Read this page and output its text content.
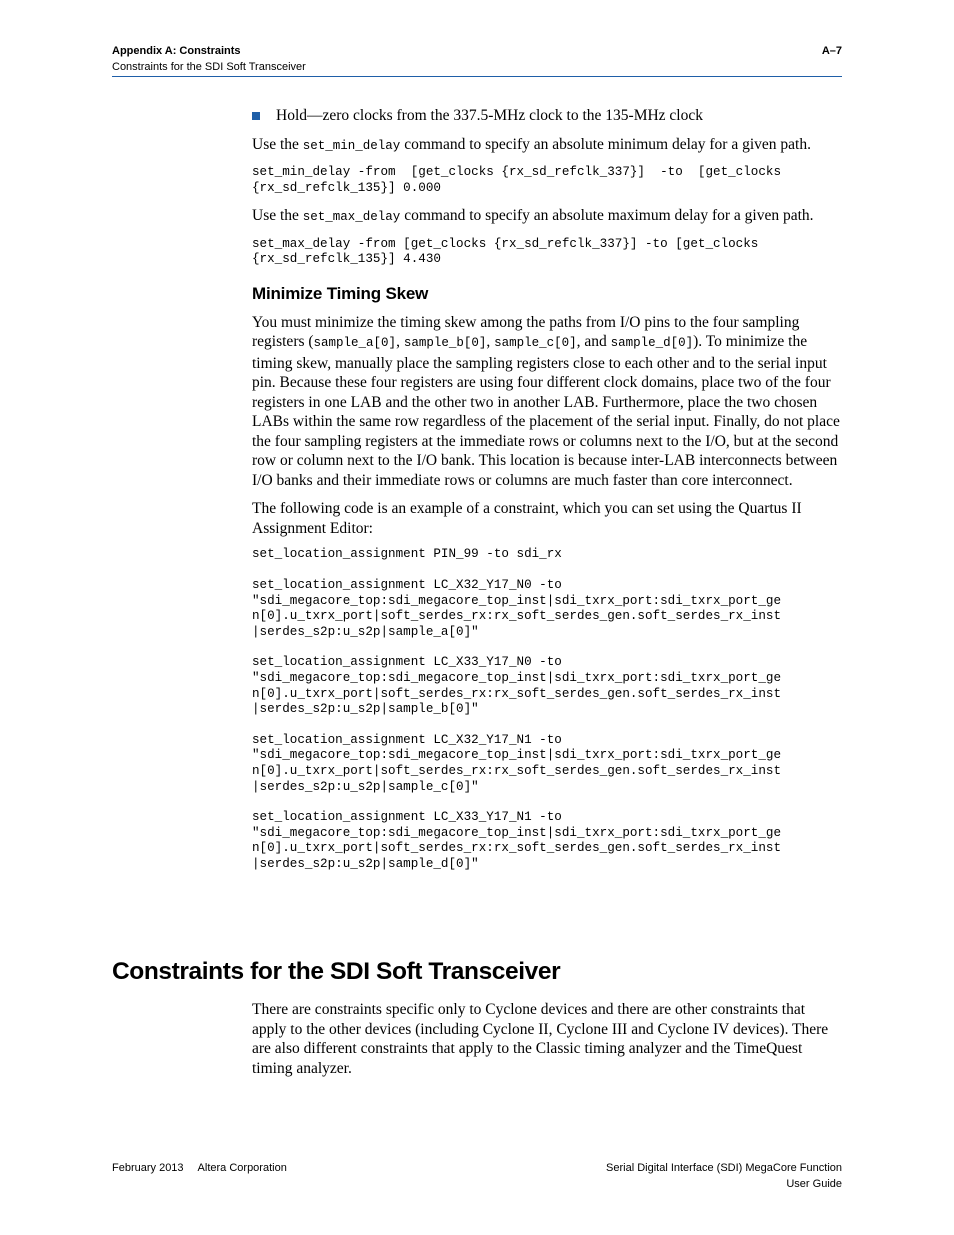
Appendix A: Constraints
Constraints for the SDI Soft Transceiver
A–7
Hold—zero clocks from the 337.5-MHz clock to the 135-MHz clock

Use the set_min_delay command to specify an absolute minimum delay for a given path.

set_min_delay -from  [get_clocks {rx_sd_refclk_337}]  -to  [get_clocks
{rx_sd_refclk_135}] 0.000

Use the set_max_delay command to specify an absolute maximum delay for a given path.

set_max_delay -from [get_clocks {rx_sd_refclk_337}] -to [get_clocks
{rx_sd_refclk_135}] 4.430
Minimize Timing Skew

You must minimize the timing skew among the paths from I/O pins to the four sampling registers (sample_a[0], sample_b[0], sample_c[0], and sample_d[0]). To minimize the timing skew, manually place the sampling registers close to each other and to the serial input pin. Because these four registers are using four different clock domains, place two of the four registers in one LAB and the other two in another LAB. Furthermore, place the two chosen LABs within the same row regardless of the placement of the serial input. Finally, do not place the four sampling registers at the immediate rows or columns next to the I/O, but at the second row or column next to the I/O bank. This location is because inter-LAB interconnects between I/O banks and their immediate rows or columns are much faster than core interconnect.

The following code is an example of a constraint, which you can set using the Quartus II Assignment Editor:

set_location_assignment PIN_99 -to sdi_rx
set_location_assignment LC_X32_Y17_N0 -to
"sdi_megacore_top:sdi_megacore_top_inst|sdi_txrx_port:sdi_txrx_port_ge
n[0].u_txrx_port|soft_serdes_rx:rx_soft_serdes_gen.soft_serdes_rx_inst
|serdes_s2p:u_s2p|sample_a[0]"
set_location_assignment LC_X33_Y17_N0 -to
"sdi_megacore_top:sdi_megacore_top_inst|sdi_txrx_port:sdi_txrx_port_ge
n[0].u_txrx_port|soft_serdes_rx:rx_soft_serdes_gen.soft_serdes_rx_inst
|serdes_s2p:u_s2p|sample_b[0]"
set_location_assignment LC_X32_Y17_N1 -to
"sdi_megacore_top:sdi_megacore_top_inst|sdi_txrx_port:sdi_txrx_port_ge
n[0].u_txrx_port|soft_serdes_rx:rx_soft_serdes_gen.soft_serdes_rx_inst
|serdes_s2p:u_s2p|sample_c[0]"
set_location_assignment LC_X33_Y17_N1 -to
"sdi_megacore_top:sdi_megacore_top_inst|sdi_txrx_port:sdi_txrx_port_ge
n[0].u_txrx_port|soft_serdes_rx:rx_soft_serdes_gen.soft_serdes_rx_inst
|serdes_s2p:u_s2p|sample_d[0]"
Constraints for the SDI Soft Transceiver

There are constraints specific only to Cyclone devices and there are other constraints that apply to the other devices (including Cyclone II, Cyclone III and Cyclone IV devices). There are also different constraints that apply to the Classic timing analyzer and the TimeQuest timing analyzer.

February 2013 Altera Corporation	Serial Digital Interface (SDI) MegaCore Function
User Guide
